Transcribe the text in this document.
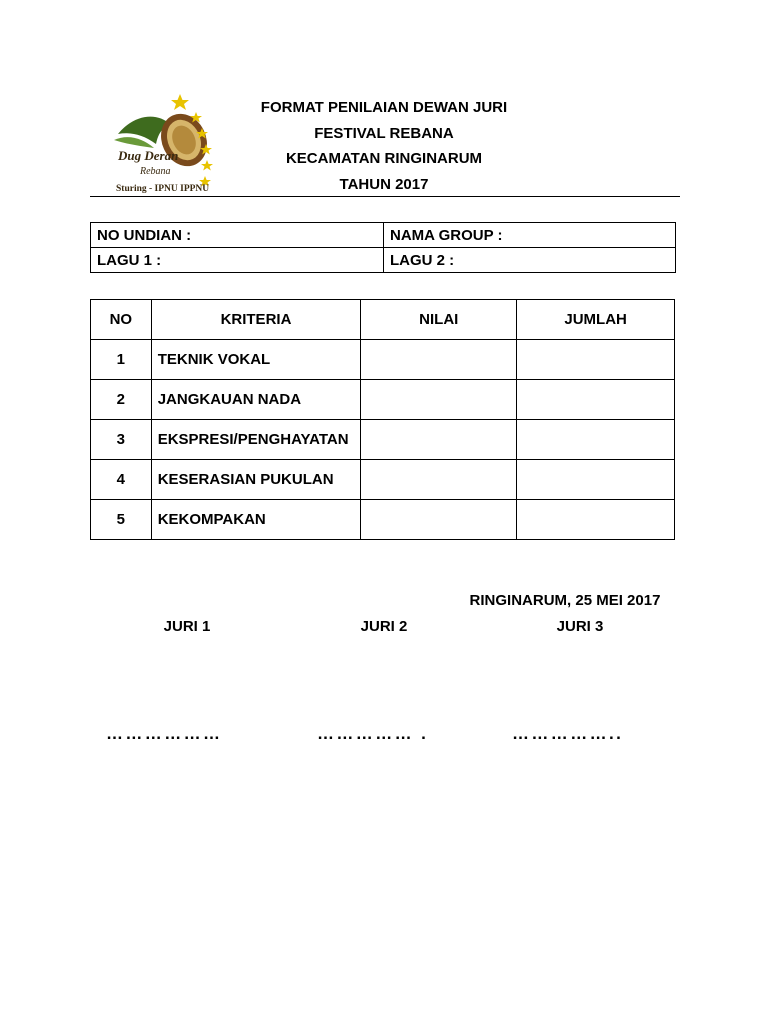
Dug Deran
Rebana
Sturing - IPNU IPPNU
FORMAT PENILAIAN DEWAN JURI
FESTIVAL REBANA
KECAMATAN RINGINARUM
TAHUN 2017
NO UNDIAN :	NAMA GROUP :
LAGU 1 :	LAGU 2 :
NO	KRITERIA	NILAI	JUMLAH
1	TEKNIK VOKAL		
2	JANGKAUAN NADA		
3	EKSPRESI/PENGHAYATAN		
4	KESERASIAN PUKULAN		
5	KEKOMPAKAN		
RINGINARUM, 25 MEI 2017
JURI 1	JURI 2	JURI 3
………………	…………… .	……………..
